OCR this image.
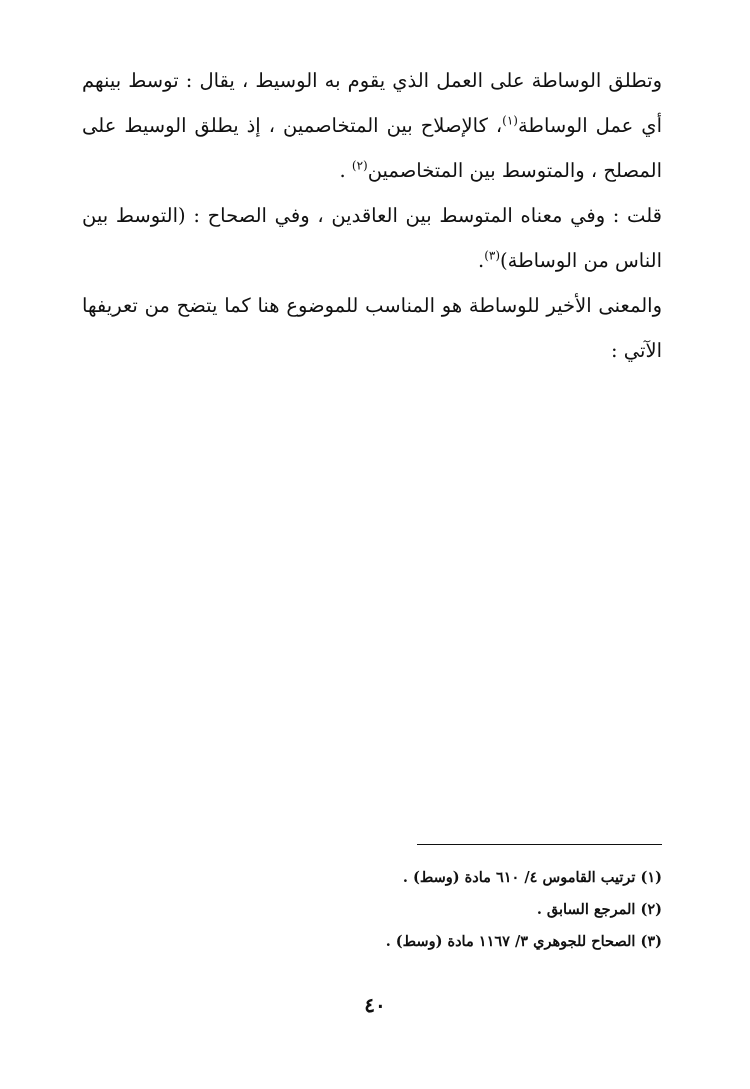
وتطلق الوساطة على العمل الذي يقوم به الوسيط ، يقال : توسط بينهم أي عمل الوساطة$^{(١)}$، كالإصلاح بين المتخاصمين ، إذ يطلق الوسيط على المصلح ، والمتوسط بين المتخاصمين$^{(٢)}$ .

قلت : وفي معناه المتوسط بين العاقدين ، وفي الصحاح : (التوسط بين الناس من الوساطة)$^{(٣)}$.

والمعنى الأخير للوساطة هو المناسب للموضوع هنا كما يتضح من تعريفها الآتي :

(١) ترتيب القاموس ٤/ ٦١٠ مادة (وسط) .
(٢) المرجع السابق .
(٣) الصحاح للجوهري ٣/ ١١٦٧ مادة (وسط) .
٤٠
